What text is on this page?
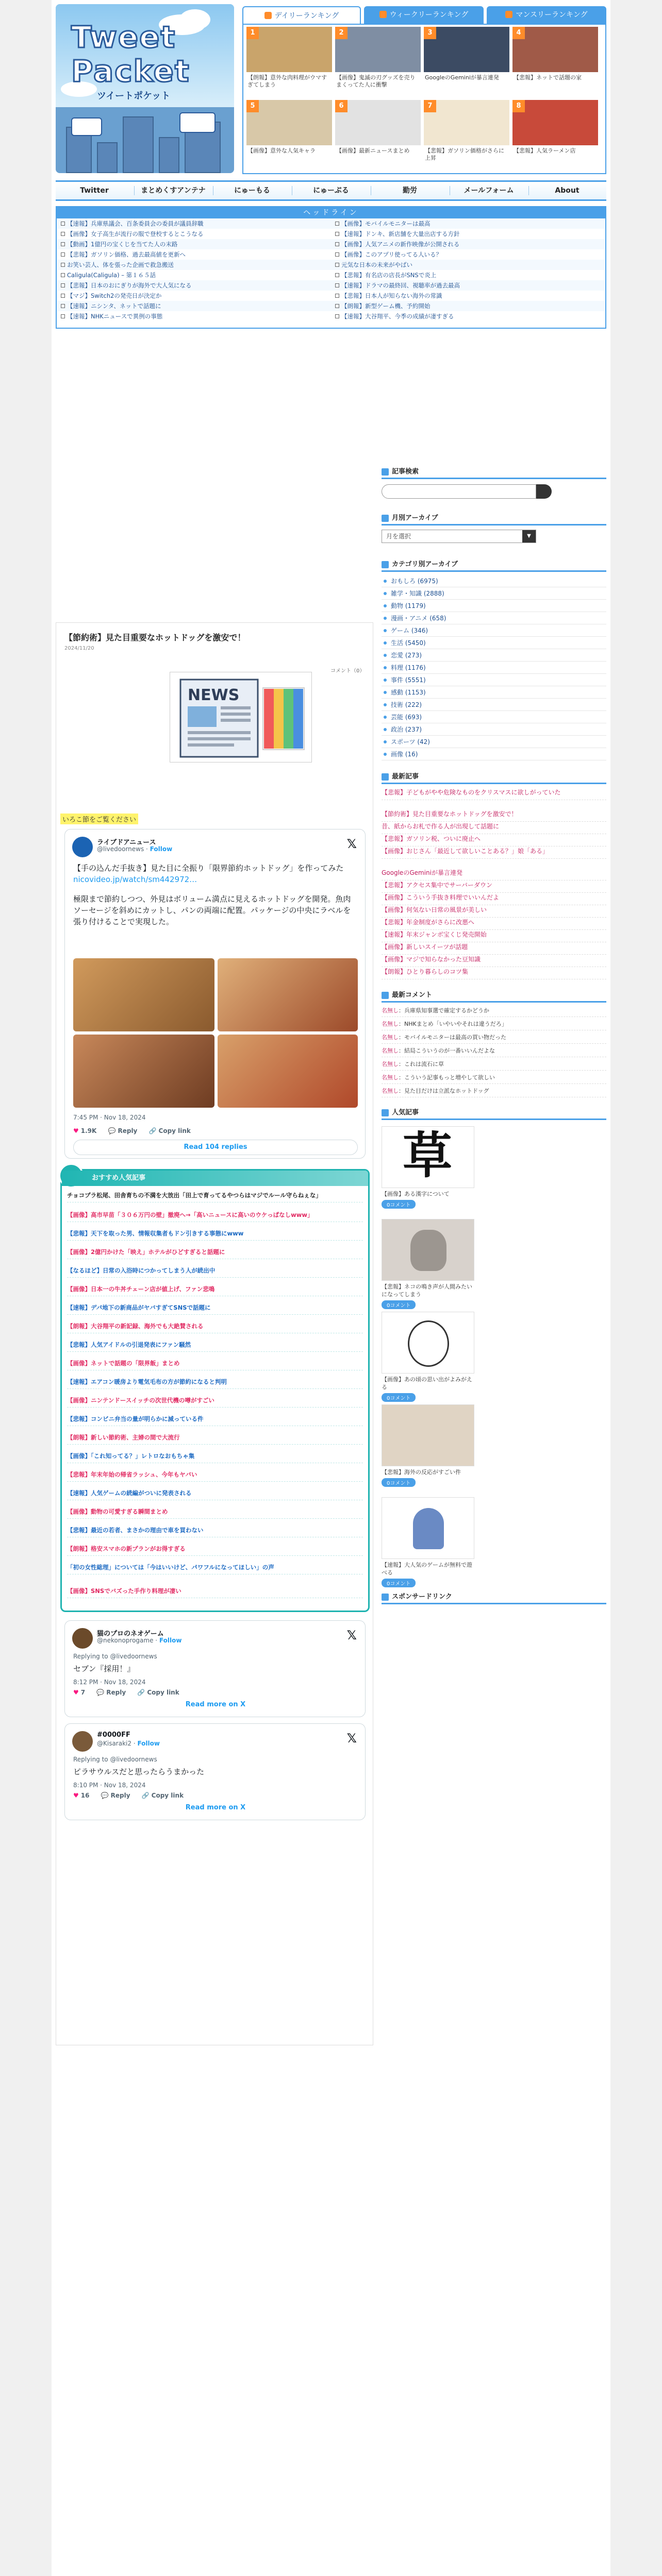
Tweet
Packet
ツイートポケット
デイリーランキング	ウィークリーランキング	マンスリーランキング
1
【朗報】意外な肉料理がウマすぎてしまう
2
【画像】鬼滅の刃グッズを売りまくってた人に衝撃
3
GoogleのGeminiが暴言連発
4
【悲報】ネットで話題の家
5
【画像】意外な人気キャラ
6
【画像】最新ニュースまとめ
7
【悲報】ガソリン価格がさらに上昇
8
【悲報】人気ラーメン店
Twitter	まとめくすアンテナ	にゅーもる	にゅーぷる	勤労	メールフォーム	About
ヘッドライン
【速報】兵庫県議会、百条委員会の委員が議員辞職
【画像】女子高生が流行の服で登校するとこうなる
【動画】1億円の宝くじを当てた人の末路
【悲報】ガソリン価格、過去最高値を更新へ
お笑い芸人、体を張った企画で救急搬送
Caligula(Caligula) – 第１６５話
【悲報】日本のおにぎりが海外で大人気になる
【マジ】Switch2の発売日が決定か
【速報】ニシンタ、ネットで話題に
【速報】NHKニュースで異例の事態
【画像】モバイルモニターは最高
【速報】ドンキ、新店舗を大量出店する方針
【画像】人気アニメの新作映像が公開される
【画像】このアプリ使ってる人いる？
元気な日本の未来がやばい
【悲報】有名店の店長がSNSで炎上
【速報】ドラマの最終回、視聴率が過去最高
【悲報】日本人が知らない海外の常識
【朗報】新型ゲーム機、予約開始
【速報】大谷翔平、今季の成績が凄すぎる
【節約術】見た目重要なホットドッグを激安で！
2024/11/20
コメント（0）
NEWS
いろこ節をご覧ください
ライブドアニュース
@livedoornews · Follow	𝕏
【手の込んだ手抜き】見た目に全振り「限界節約ホットドッグ」を作ってみた
nicovideo.jp/watch/sm442972…
極限まで節約しつつ、外見はボリューム満点に見えるホットドッグを開発。魚肉ソーセージを斜めにカットし、パンの両端に配置。パッケージの中央にラベルを張り付けることで実現した。
7:45 PM · Nov 18, 2024
♥ 1.9K 💬 Reply 🔗 Copy link
Read 104 replies
おすすめ人気記事
チョコプラ松尾、田舎育ちの不満を大放出「田上で育ってるやつらはマジでルール守らねぇな」
【画像】高市早苗「３０６万円の壁」撤廃へ→「高いニュースに高いのウケっぱなしwww」
【悲報】天下を取った男、情報収集者もドン引きする事態にwww
【画像】2億円かけた「映え」ホテルがひどすぎると話題に
【なるほど】日常の入浴時につかってしまう人が続出中
【画像】日本一の牛丼チェーン店が値上げ、ファン悲鳴
【速報】デパ地下の新商品がヤバすぎてSNSで話題に
【朗報】大谷翔平の新記録、海外でも大絶賛される
【悲報】人気アイドルの引退発表にファン騒然
【画像】ネットで話題の「限界飯」まとめ
【速報】エアコン暖房より電気毛布の方が節約になると判明
【画像】ニンテンドースイッチの次世代機の噂がすごい
【悲報】コンビニ弁当の量が明らかに減っている件
【朗報】新しい節約術、主婦の間で大流行
【画像】「これ知ってる？」レトロなおもちゃ集
【悲報】年末年始の帰省ラッシュ、今年もヤバい
【速報】人気ゲームの続編がついに発表される
【画像】動物の可愛すぎる瞬間まとめ
【悲報】最近の若者、まさかの理由で車を買わない
【朗報】格安スマホの新プランがお得すぎる
「初の女性総理」については「今はいいけど、パワフルになってほしい」の声
【画像】SNSでバズった手作り料理が凄い
猫のプロのネオゲーム
@nekonoprogame · Follow	𝕏
Replying to @livedoornews
セブン『採用！』
8:12 PM · Nov 18, 2024
♥ 7 💬 Reply 🔗 Copy link
Read more on X
#0000FF
@Kisaraki2 · Follow	𝕏
Replying to @livedoornews
ピラサウルスだと思ったらうまかった
8:10 PM · Nov 18, 2024
♥ 16 💬 Reply 🔗 Copy link
Read more on X
記事検索
月別アーカイブ
月を選択	▼
カテゴリ別アーカイブ
おもしろ (6975)
雑学・知識 (2888)
動物 (1179)
漫画・アニメ (658)
ゲーム (346)
生活 (5450)
恋愛 (273)
料理 (1176)
事件 (5551)
感動 (1153)
技術 (222)
芸能 (693)
政治 (237)
スポーツ (42)
画像 (16)
最新記事
【悲報】子どもがやや危険なものをクリスマスに欲しがっていた
【節約術】見た目重要なホットドッグを激安で！
昔、紙からお札で作る人が出現して話題に
【悲報】ガソリン税、ついに廃止へ
【画像】おじさん「最近して欲しいことある？」娘「ある」
GoogleのGeminiが暴言連発
【悲報】アクセス集中でサーバーダウン
【画像】こういう手抜き料理でいいんだよ
【画像】何気ない日常の風景が美しい
【悲報】年金制度がさらに改悪へ
【速報】年末ジャンボ宝くじ発売開始
【画像】新しいスイーツが話題
【画像】マジで知らなかった豆知識
【朗報】ひとり暮らしのコツ集
最新コメント
名無し：兵庫県知事選で確定するかどうか
名無し：NHKまとめ「いやいやそれは違うだろ」
名無し：モバイルモニターは最高の買い物だった
名無し：結局こういうのが一番いいんだよな
名無し：これは流石に草
名無し：こういう記事もっと増やして欲しい
名無し：見た目だけは立派なホットドッグ
人気記事
草
【画像】ある漢字について
0コメント
【悲報】ネコの鳴き声が人間みたいになってしまう
0コメント
【画像】あの頃の思い出がよみがえる
0コメント
【悲報】海外の反応がすごい件
0コメント
【速報】大人気のゲームが無料で遊べる
0コメント
スポンサードリンク
